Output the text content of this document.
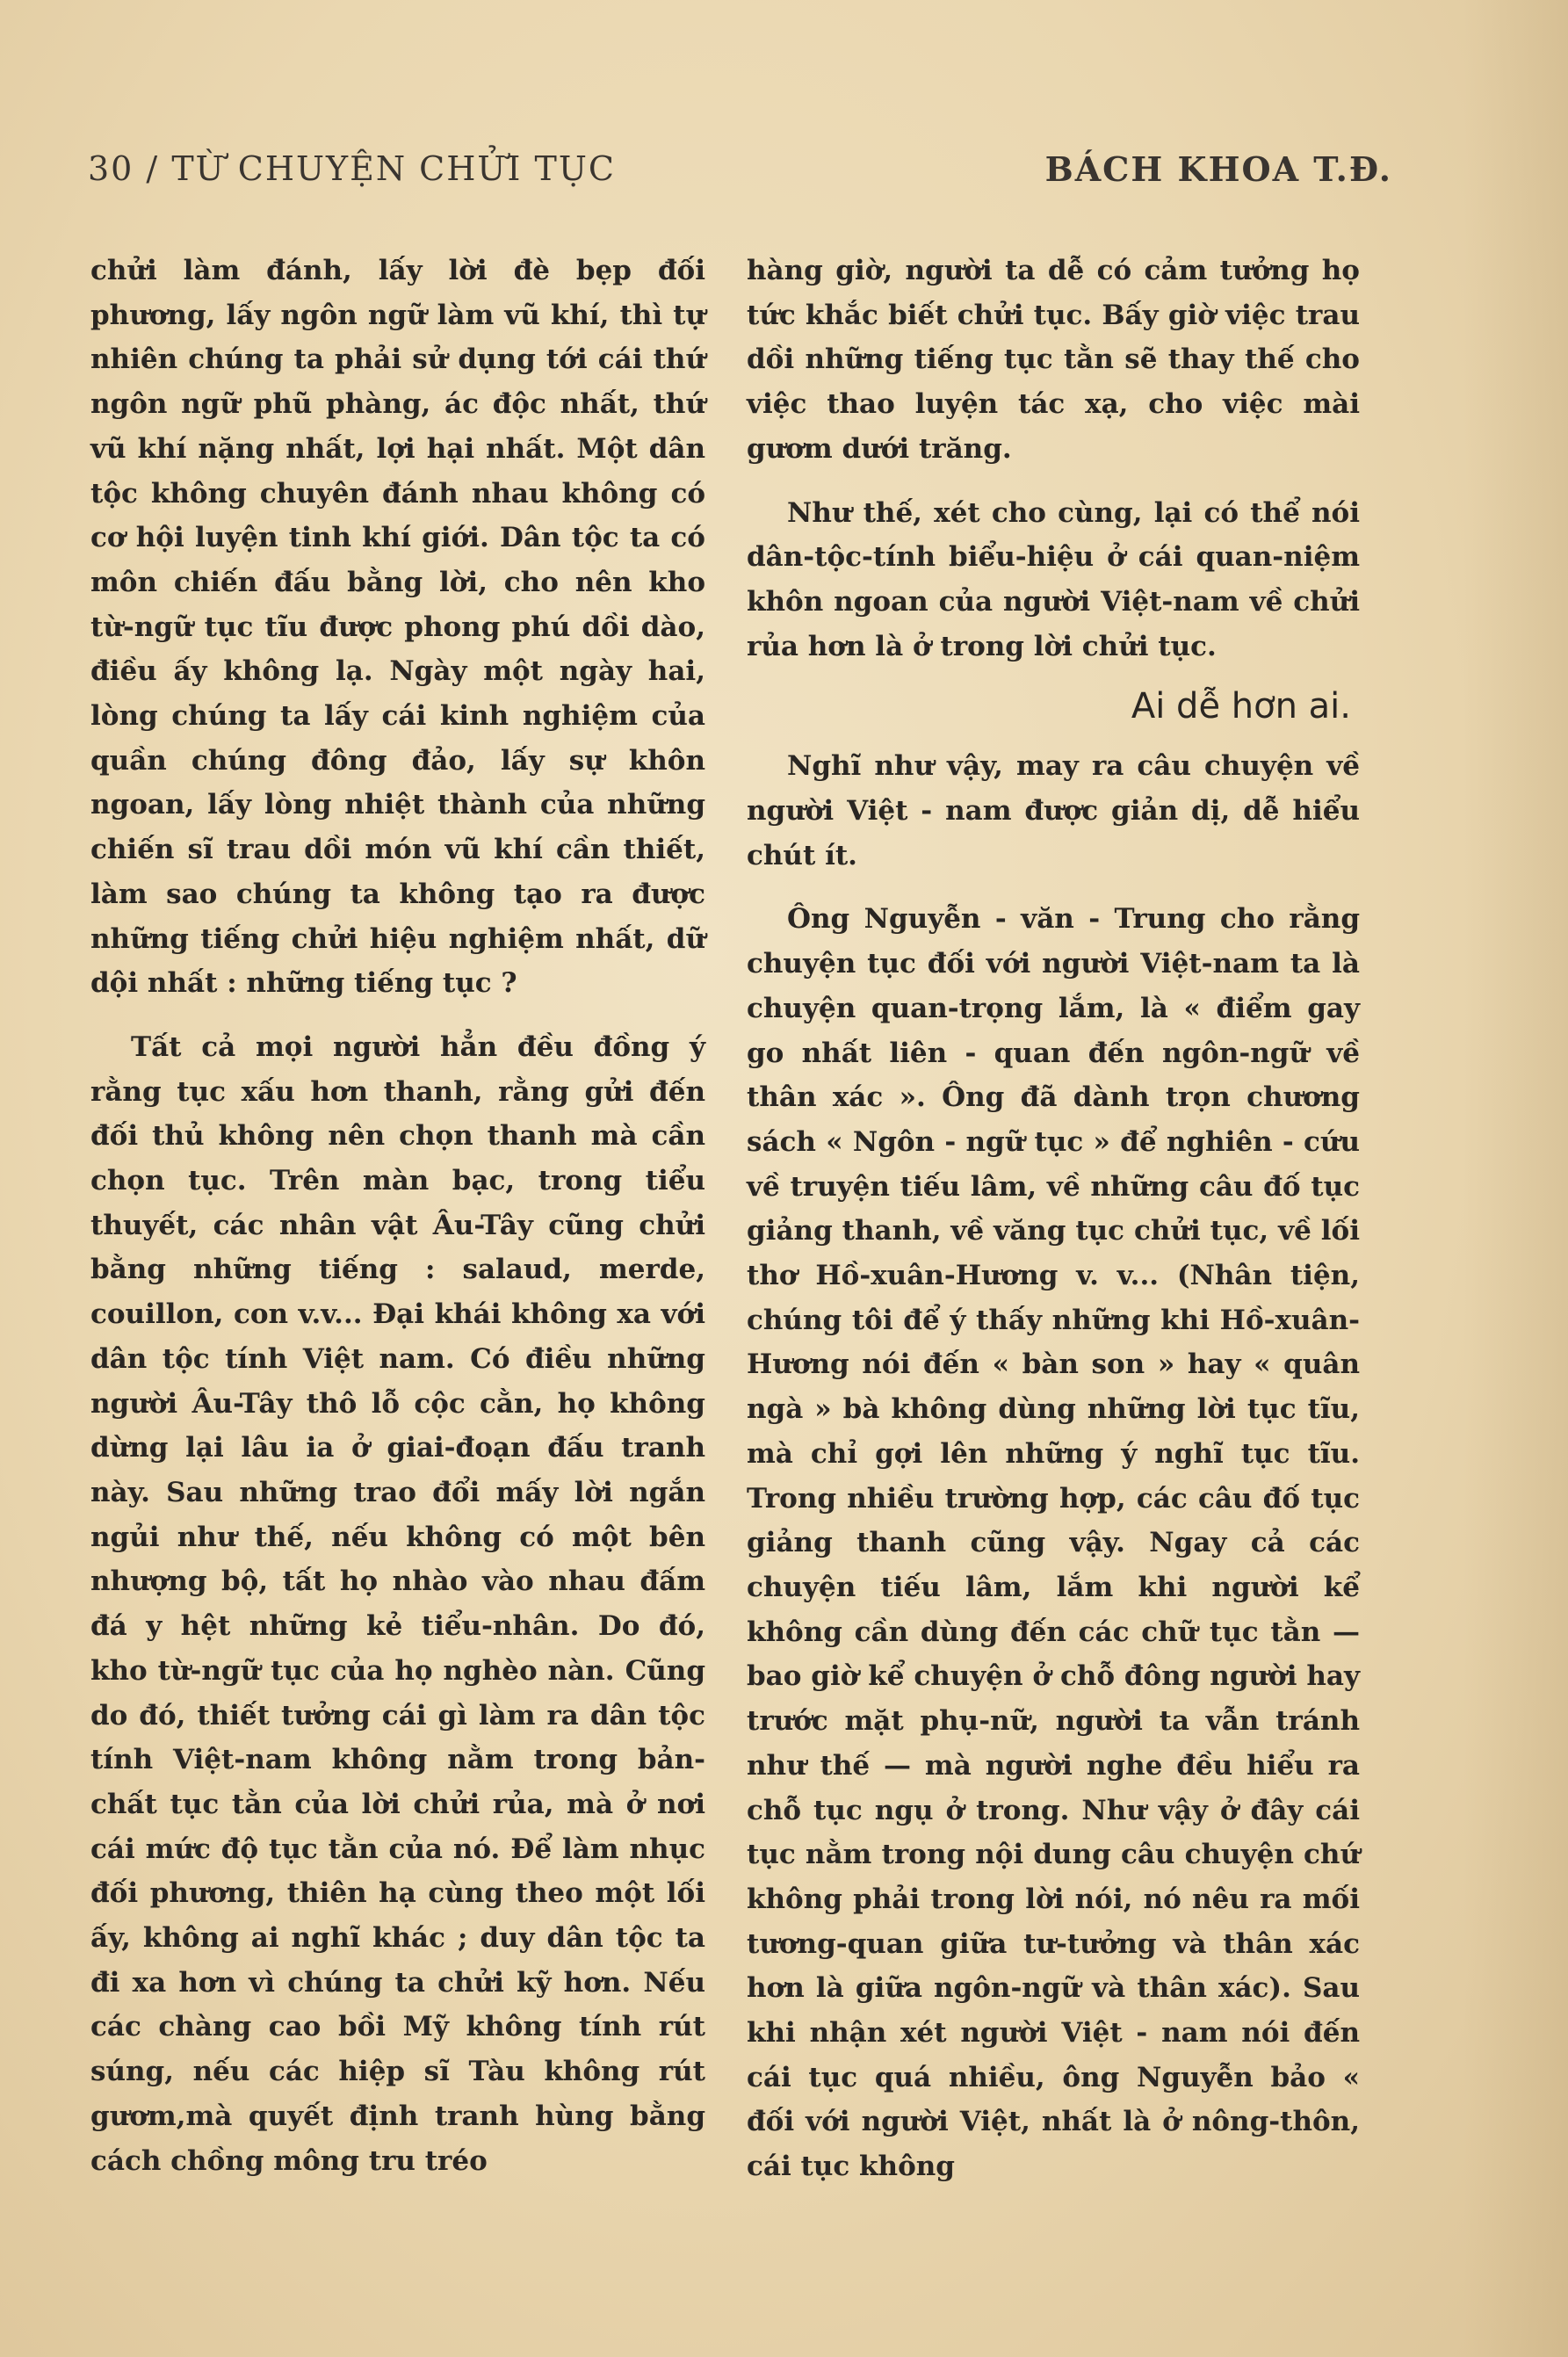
30 / TỪ CHUYỆN CHỬI TỤC	BÁCH KHOA T.Đ.

chửi làm đánh, lấy lời đè bẹp đối phương, lấy ngôn ngữ làm vũ khí, thì tự nhiên chúng ta phải sử dụng tới cái thứ ngôn ngữ phũ phàng, ác độc nhất, thứ vũ khí nặng nhất, lợi hại nhất. Một dân tộc không chuyên đánh nhau không có cơ hội luyện tinh khí giới. Dân tộc ta có môn chiến đấu bằng lời, cho nên kho từ-ngữ tục tĩu được phong phú dồi dào, điều ấy không lạ. Ngày một ngày hai, lòng chúng ta lấy cái kinh nghiệm của quần chúng đông đảo, lấy sự khôn ngoan, lấy lòng nhiệt thành của những chiến sĩ trau dồi món vũ khí cần thiết, làm sao chúng ta không tạo ra được những tiếng chửi hiệu nghiệm nhất, dữ dội nhất : những tiếng tục ?

Tất cả mọi người hẳn đều đồng ý rằng tục xấu hơn thanh, rằng gửi đến đối thủ không nên chọn thanh mà cần chọn tục. Trên màn bạc, trong tiểu thuyết, các nhân vật Âu-Tây cũng chửi bằng những tiếng : salaud, merde, couillon, con v.v... Đại khái không xa với dân tộc tính Việt nam. Có điều những người Âu-Tây thô lỗ cộc cằn, họ không dừng lại lâu ia ở giai-đoạn đấu tranh này. Sau những trao đổi mấy lời ngắn ngủi như thế, nếu không có một bên nhượng bộ, tất họ nhào vào nhau đấm đá y hệt những kẻ tiểu-nhân. Do đó, kho từ-ngữ tục của họ nghèo nàn. Cũng do đó, thiết tưởng cái gì làm ra dân tộc tính Việt-nam không nằm trong bản-chất tục tằn của lời chửi rủa, mà ở nơi cái mức độ tục tằn của nó. Để làm nhục đối phương, thiên hạ cùng theo một lối ấy, không ai nghĩ khác ; duy dân tộc ta đi xa hơn vì chúng ta chửi kỹ hơn. Nếu các chàng cao bồi Mỹ không tính rút súng, nếu các hiệp sĩ Tàu không rút gươm,mà quyết định tranh hùng bằng cách chồng mông tru tréo

hàng giờ, người ta dễ có cảm tưởng họ tức khắc biết chửi tục. Bấy giờ việc trau dồi những tiếng tục tằn sẽ thay thế cho việc thao luyện tác xạ, cho việc mài gươm dưới trăng.

Như thế, xét cho cùng, lại có thể nói dân-tộc-tính biểu-hiệu ở cái quan-niệm khôn ngoan của người Việt-nam về chửi rủa hơn là ở trong lời chửi tục.

Ai dễ hơn ai.

Nghĩ như vậy, may ra câu chuyện về người Việt - nam được giản dị, dễ hiểu chút ít.

Ông Nguyễn - văn - Trung cho rằng chuyện tục đối với người Việt-nam ta là chuyện quan-trọng lắm, là « điểm gay go nhất liên - quan đến ngôn-ngữ về thân xác ». Ông đã dành trọn chương sách « Ngôn - ngữ tục » để nghiên - cứu về truyện tiếu lâm, về những câu đố tục giảng thanh, về văng tục chửi tục, về lối thơ Hồ-xuân-Hương v. v... (Nhân tiện, chúng tôi để ý thấy những khi Hồ-xuân-Hương nói đến « bàn son » hay « quân ngà » bà không dùng những lời tục tĩu, mà chỉ gợi lên những ý nghĩ tục tĩu. Trong nhiều trường hợp, các câu đố tục giảng thanh cũng vậy. Ngay cả các chuyện tiếu lâm, lắm khi người kể không cần dùng đến các chữ tục tằn — bao giờ kể chuyện ở chỗ đông người hay trước mặt phụ-nữ, người ta vẫn tránh như thế — mà người nghe đều hiểu ra chỗ tục ngụ ở trong. Như vậy ở đây cái tục nằm trong nội dung câu chuyện chứ không phải trong lời nói, nó nêu ra mối tương-quan giữa tư-tưởng và thân xác hơn là giữa ngôn-ngữ và thân xác). Sau khi nhận xét người Việt - nam nói đến cái tục quá nhiều, ông Nguyễn bảo « đối với người Việt, nhất là ở nông-thôn, cái tục không
